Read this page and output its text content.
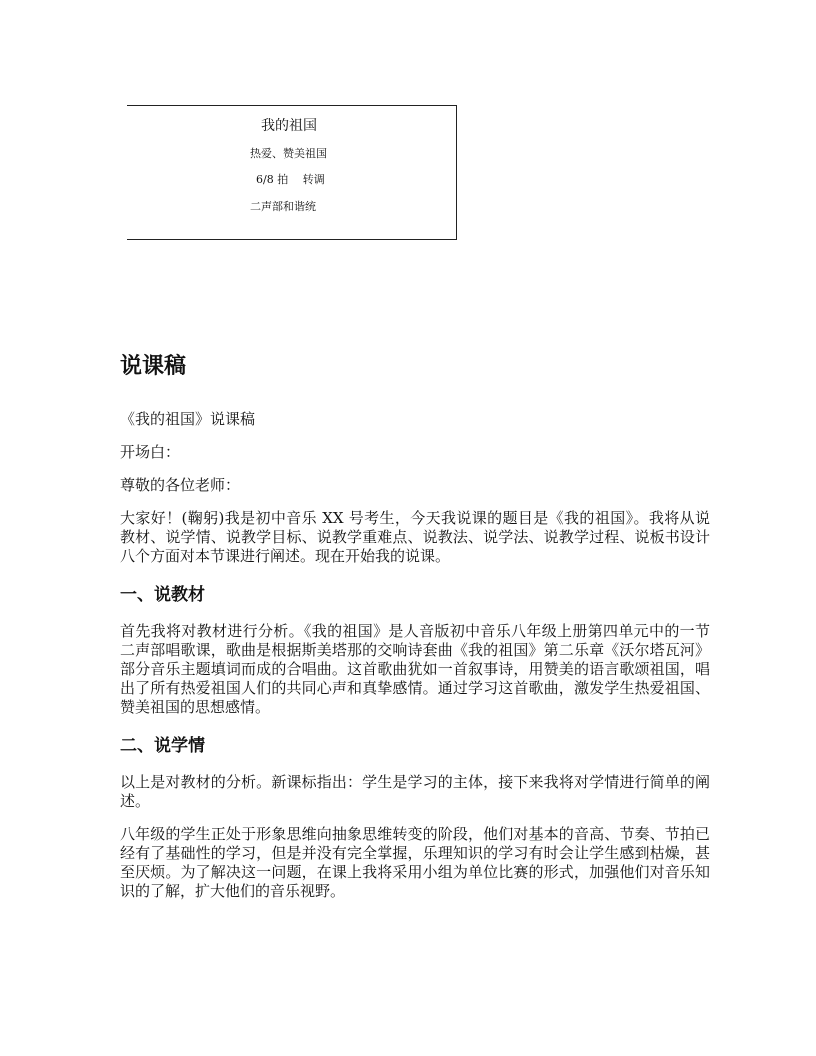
我的祖国
热爱、赞美祖国
6/8 拍　 转调
二声部和谐统
说课稿

《我的祖国》说课稿

开场白：

尊敬的各位老师：

大家好！(鞠躬)我是初中音乐 XX 号考生，今天我说课的题目是《我的祖国》。我将从说教材、说学情、说教学目标、说教学重难点、说教法、说学法、说教学过程、说板书设计八个方面对本节课进行阐述。现在开始我的说课。

一、说教材

首先我将对教材进行分析。《我的祖国》是人音版初中音乐八年级上册第四单元中的一节二声部唱歌课，歌曲是根据斯美塔那的交响诗套曲《我的祖国》第二乐章《沃尔塔瓦河》部分音乐主题填词而成的合唱曲。这首歌曲犹如一首叙事诗，用赞美的语言歌颂祖国，唱出了所有热爱祖国人们的共同心声和真挚感情。通过学习这首歌曲，激发学生热爱祖国、赞美祖国的思想感情。

二、说学情

以上是对教材的分析。新课标指出：学生是学习的主体，接下来我将对学情进行简单的阐述。

八年级的学生正处于形象思维向抽象思维转变的阶段，他们对基本的音高、节奏、节拍已经有了基础性的学习，但是并没有完全掌握，乐理知识的学习有时会让学生感到枯燥，甚至厌烦。为了解决这一问题，在课上我将采用小组为单位比赛的形式，加强他们对音乐知识的了解，扩大他们的音乐视野。
